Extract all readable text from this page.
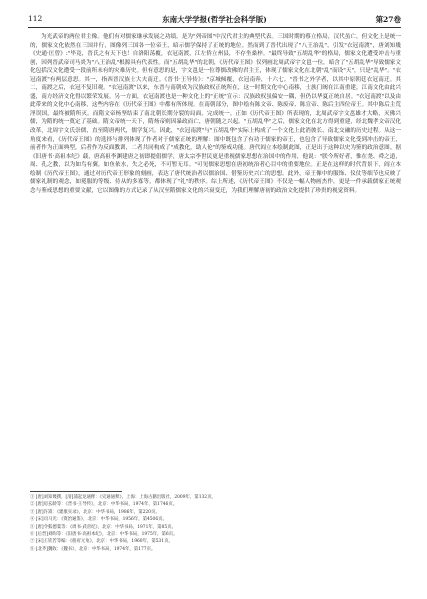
112	东南大学学报(哲学社会科学版)	第27卷
为光武帝的两位君主像。他们有对儒家继承发展之功绩，是为"列帝图"中汉代君主的典型代表。三国时期的蔡立格局，汉代虽亡，但文化上是统一的，儒家文化依然在三国并行，图像列三国各一位帝王，暗示儒学保持了正统的地位。然而到了晋代出现了"八王治乱"，引发"衣冠南渡"，唐刘知幾《史通·匡曾》:"毕竟，晋氏之有天下也！自洛阳荡覆，衣冠南渡，江左侨立州县，不存坐桑梓。"最终导致"五胡乱华"的格局，儒家文化遭受冲击与重创，因列晋武帝司马炎为"八王治乱"根源具有代表性。而"五胡乱华"的北朝，《历代帝王图》仅列画北周武帝宇文邕一位，暗含了"五胡乱华"导致儒家文化包括汉文化遭受一段前所未有的灾难历史。但有意思的是，宇文邕是一位尊儒改佛的君主王，体现了儒家文化在北朝"乱"而设"天"，只是"乱华"。"衣冠南渡"有两层意思。其一，指西晋汉族士大夫南迁。《晋书·王导传》："京城倾覆，衣冠南奔，十六七。"晋书之外学者，以其中原朝廷衣冠南迁。其二，南渡之后，衣冠不复旧观。"衣冠南渡"以来，东晋与南朝成为汉族政权正统所在，这一时期文化中心南移，士族门阀在江南重建，江南文化由此兴盛，南方经济文化得以繁荣发展。另一方面，衣冠南渡也是一种文化上的"正统"宣示：汉族政权虽偏安一隅，但仍以华夏正统自居。"衣冠南渡"以及由此带来的文化中心南移，这些内容在《历代帝王图》中都有所体现。在南朝部分，图中绘有陈文帝、陈废帝、陈宣帝、陈后主四位帝王。其中陈后主荒淫误国，最终被隋所灭。而隋文帝杨坚结束了南北朝长期分裂的局面，完成统一。正如《历代帝王图》所表现的，北周武帝宇文邕雄才大略，灭佛兴儒，为隋的统一奠定了基础。隋文帝统一天下，隋炀帝则因暴政而亡，唐朝随之兴起。"五胡乱华"之后，儒家文化在北方得到重建，经北魏孝文帝汉化改革，北周宇文氏崇儒，直至隋唐两代，儒学复兴。因此，"衣冠南渡"与"五胡乱华"实际上构成了一个文化上此消彼长、南北交融的历史过程。从这一角度来看，《历代帝王图》的选择与排列体现了作者对于儒家正统的理解：图中既包含了有功于儒家的帝王，也包含了导致儒家文化受到冲击的帝王，前者作为正面典型，后者作为反面教训，二者共同构成了"成教化，助人伦"的鉴戒功能。唐代阎立本绘制此图，正是出于这种以史为鉴的政治意图。据《旧唐书·高祖本纪》载，唐高祖李渊建唐之初即提倡儒学，唐太宗李世民更是重视儒家思想在治国中的作用，他说："朕今所好者，惟在尧、舜之道，周、孔之教，以为如鸟有翼，如鱼依水，失之必死，不可暂无耳。"可见儒家思想在唐初统治者心目中的重要地位。正是在这样的时代背景下，阎立本绘制《历代帝王图》，通过对历代帝王形象的刻画，表达了唐代统治者以儒治国、借鉴历史兴亡的思想。此外，帝王像中的服饰、仪仗等细节也反映了儒家礼制的观念，如冕服的等级、侍从的多寡等，都体现了"礼"的秩序。综上所述，《历代帝王图》不仅是一幅人物画杰作，更是一件承载儒家正统观念与鉴戒思想的重要文献，它以图像的方式记录了从汉至隋儒家文化的兴衰变迁，为我们理解唐初的政治文化提供了珍贵的视觉资料。
① [唐]刘知幾撰，[清]浦起龙通释：《史通通释》，上海：上海古籍出版社，2009年，第132页。
② [唐]房玄龄等：《晋书·王导传》，北京：中华书局，1974年，第1746页。
③ [唐]许嵩：《建康实录》，北京：中华书局，1986年，第220页。
④ [宋]司马光：《资治通鉴》，北京：中华书局，1956年，第4506页。
⑤ [唐]令狐德棻等：《周书·武帝纪》，北京：中华书局，1971年，第85页。
⑥ [后晋]刘昫等：《旧唐书·高祖本纪》，北京：中华书局，1975年，第6页。
⑦ [宋]王钦若等编：《册府元龟》，北京：中华书局，1960年，第531页。
⑧ [北齐]魏收：《魏书》，北京：中华书局，1974年，第177页。
